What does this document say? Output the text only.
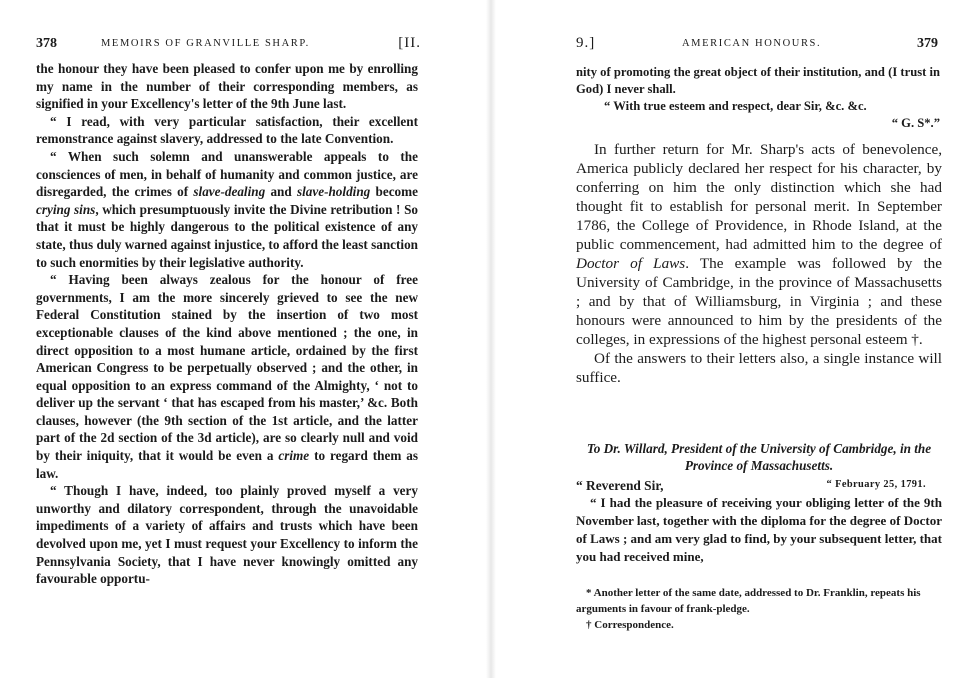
378	MEMOIRS OF GRANVILLE SHARP.	[II.

the honour they have been pleased to confer upon me by enrolling my name in the number of their corresponding members, as signified in your Excellency's letter of the 9th June last.

“ I read, with very particular satisfaction, their excellent remonstrance against slavery, addressed to the late Convention.

“ When such solemn and unanswerable appeals to the consciences of men, in behalf of humanity and common justice, are disregarded, the crimes of slave-dealing and slave-holding become crying sins, which presumptuously invite the Divine retribution ! So that it must be highly dangerous to the political existence of any state, thus duly warned against injustice, to afford the least sanction to such enormities by their legislative authority.

“ Having been always zealous for the honour of free governments, I am the more sincerely grieved to see the new Federal Constitution stained by the insertion of two most exceptionable clauses of the kind above mentioned ; the one, in direct opposition to a most humane article, ordained by the first American Congress to be perpetually observed ; and the other, in equal opposition to an express command of the Almighty, ‘ not to deliver up the servant ‘ that has escaped from his master,’ &c. Both clauses, however (the 9th section of the 1st article, and the latter part of the 2d section of the 3d article), are so clearly null and void by their iniquity, that it would be even a crime to regard them as law.

“ Though I have, indeed, too plainly proved myself a very unworthy and dilatory correspondent, through the unavoidable impediments of a variety of affairs and trusts which have been devolved upon me, yet I must request your Excellency to inform the Pennsylvania Society, that I have never knowingly omitted any favourable opportu-

9.]	AMERICAN HONOURS.	379

nity of promoting the great object of their institution, and (I trust in God) I never shall.

“ With true esteem and respect, dear Sir, &c. &c.

“ G. S*.”

In further return for Mr. Sharp's acts of benevolence, America publicly declared her respect for his character, by conferring on him the only distinction which she had thought fit to establish for personal merit. In September 1786, the College of Providence, in Rhode Island, at the public commencement, had admitted him to the degree of Doctor of Laws. The example was followed by the University of Cambridge, in the province of Massachusetts ; and by that of Williamsburg, in Virginia ; and these honours were announced to him by the presidents of the colleges, in expressions of the highest personal esteem †.

Of the answers to their letters also, a single instance will suffice.

To Dr. Willard, President of the University of Cambridge, in the Province of Massachusetts.
“ Reverend Sir,	“ February 25, 1791.

“ I had the pleasure of receiving your obliging letter of the 9th November last, together with the diploma for the degree of Doctor of Laws ; and am very glad to find, by your subsequent letter, that you had received mine,

* Another letter of the same date, addressed to Dr. Franklin, repeats his arguments in favour of frank-pledge.

† Correspondence.
